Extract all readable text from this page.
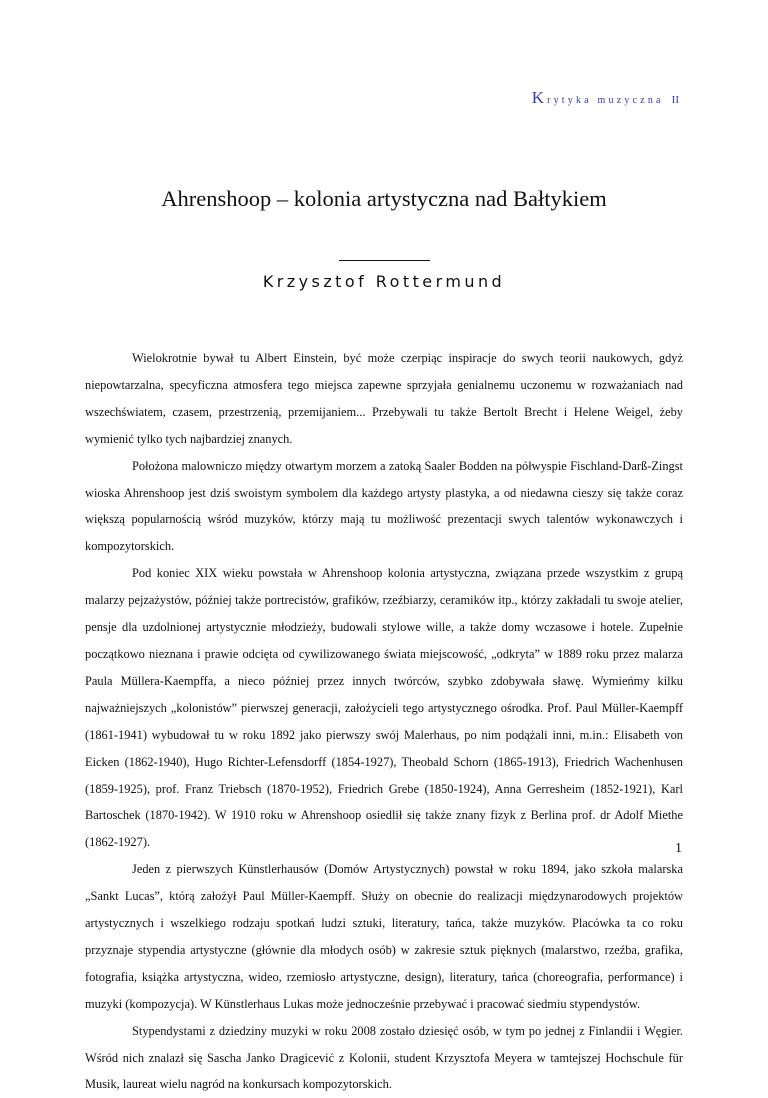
Krytyka muzyczna II
Ahrenshoop – kolonia artystyczna nad Bałtykiem
Krzysztof Rottermund

Wielokrotnie bywał tu Albert Einstein, być może czerpiąc inspiracje do swych teorii naukowych, gdyż niepowtarzalna, specyficzna atmosfera tego miejsca zapewne sprzyjała genialnemu uczonemu w rozważaniach nad wszechświatem, czasem, przestrzenią, przemijaniem... Przebywali tu także Bertolt Brecht i Helene Weigel, żeby wymienić tylko tych najbardziej znanych.

Położona malowniczo między otwartym morzem a zatoką Saaler Bodden na półwyspie Fischland-Darß-Zingst wioska Ahrenshoop jest dziś swoistym symbolem dla każdego artysty plastyka, a od niedawna cieszy się także coraz większą popularnością wśród muzyków, którzy mają tu możliwość prezentacji swych talentów wykonawczych i kompozytorskich.

Pod koniec XIX wieku powstała w Ahrenshoop kolonia artystyczna, związana przede wszystkim z grupą malarzy pejzażystów, później także portrecistów, grafików, rzeźbiarzy, ceramików itp., którzy zakładali tu swoje atelier, pensje dla uzdolnionej artystycznie młodzieży, budowali stylowe wille, a także domy wczasowe i hotele. Zupełnie początkowo nieznana i prawie odcięta od cywilizowanego świata miejscowość, „odkryta” w 1889 roku przez malarza Paula Müllera-Kaempffa, a nieco później przez innych twórców, szybko zdobywała sławę. Wymieńmy kilku najważniejszych „kolonistów” pierwszej generacji, założycieli tego artystycznego ośrodka. Prof. Paul Müller-Kaempff (1861-1941) wybudował tu w roku 1892 jako pierwszy swój Malerhaus, po nim podążali inni, m.in.: Elisabeth von Eicken (1862-1940), Hugo Richter-Lefensdorff (1854-1927), Theobald Schorn (1865-1913), Friedrich Wachenhusen (1859-1925), prof. Franz Triebsch (1870-1952), Friedrich Grebe (1850-1924), Anna Gerresheim (1852-1921), Karl Bartoschek (1870-1942). W 1910 roku w Ahrenshoop osiedlił się także znany fizyk z Berlina prof. dr Adolf Miethe (1862-1927).

Jeden z pierwszych Künstlerhausów (Domów Artystycznych) powstał w roku 1894, jako szkoła malarska „Sankt Lucas”, którą założył Paul Müller-Kaempff. Służy on obecnie do realizacji międzynarodowych projektów artystycznych i wszelkiego rodzaju spotkań ludzi sztuki, literatury, tańca, także muzyków. Placówka ta co roku przyznaje stypendia artystyczne (głównie dla młodych osób) w zakresie sztuk pięknych (malarstwo, rzeźba, grafika, fotografia, książka artystyczna, wideo, rzemiosło artystyczne, design), literatury, tańca (choreografia, performance) i muzyki (kompozycja). W Künstlerhaus Lukas może jednocześnie przebywać i pracować siedmiu stypendystów.

Stypendystami z dziedziny muzyki w roku 2008 zostało dziesięć osób, w tym po jednej z Finlandii i Węgier. Wśród nich znalazł się Sascha Janko Dragicević z Kolonii, student Krzysztofa Meyera w tamtejszej Hochschule für Musik, laureat wielu nagród na konkursach kompozytorskich.

1
